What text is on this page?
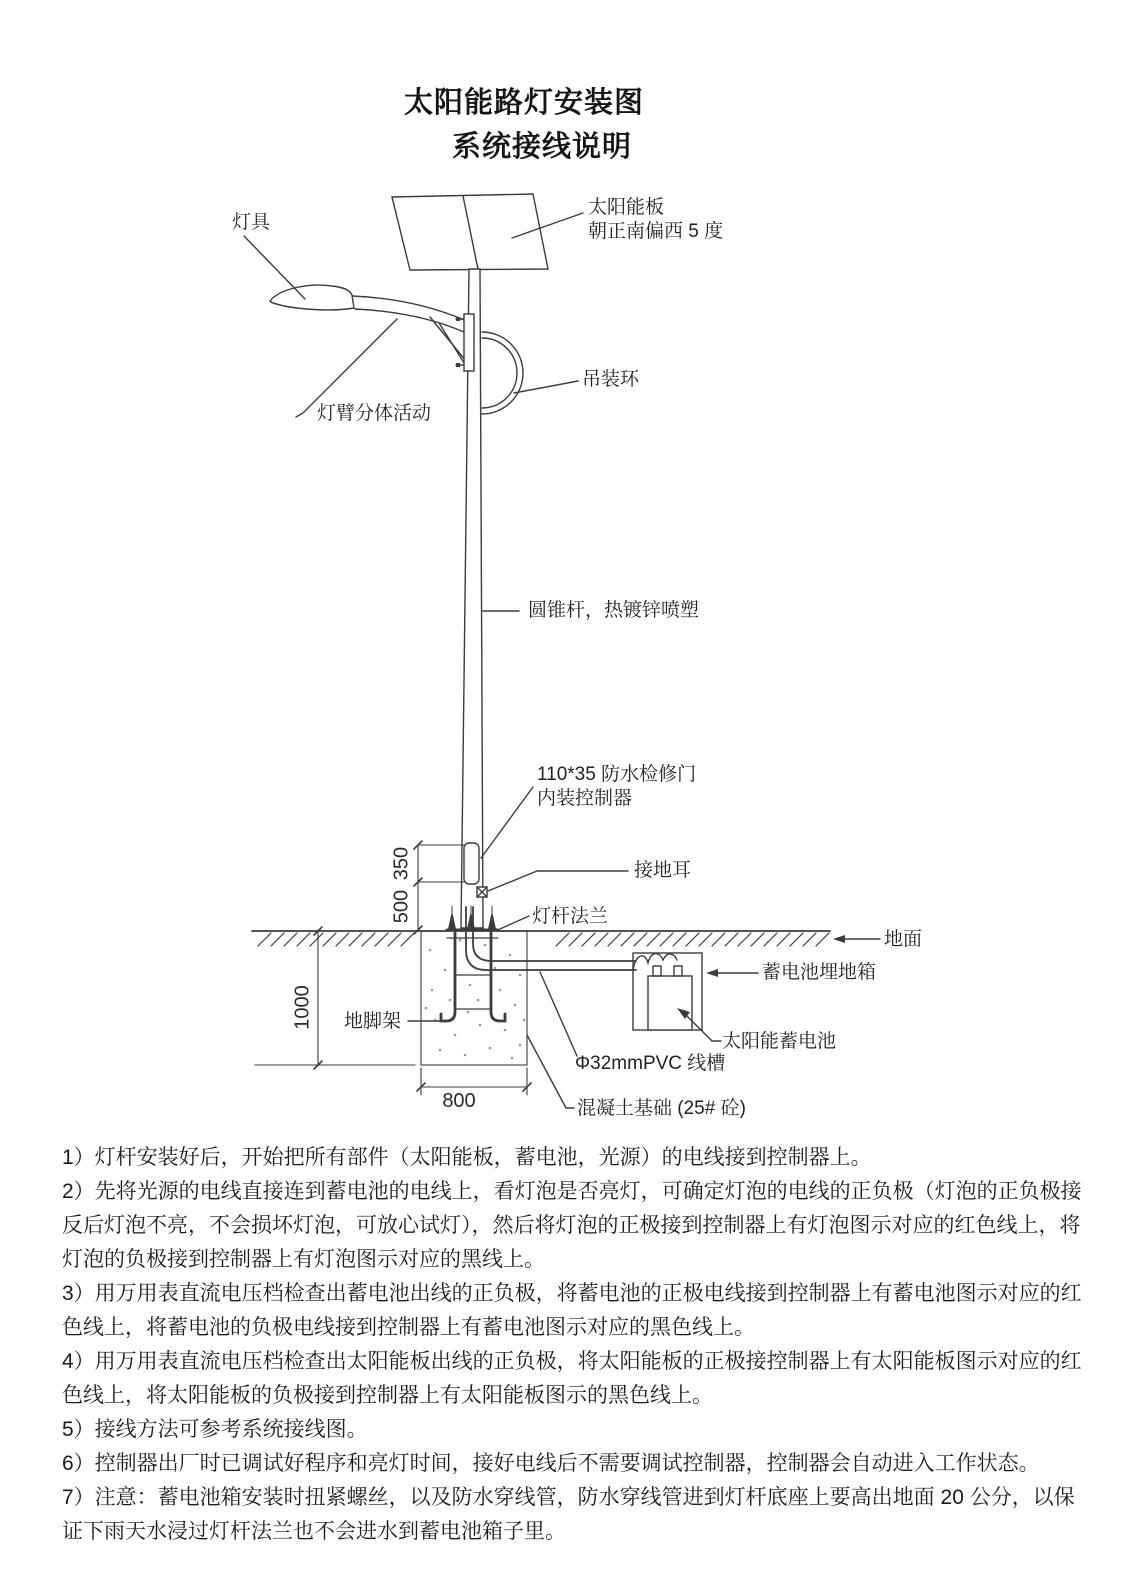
太阳能路灯安装图
系统接线说明
灯具
太阳能板
朝正南偏西 5 度
吊装环
灯臂分体活动
圆锥杆，热镀锌喷塑
110*35 防水检修门
内装控制器
接地耳
灯杆法兰
地面
蓄电池埋地箱
太阳能蓄电池
地脚架
Φ32mmPVC 线槽
混凝土基础 (25# 砼)
350
500
1000
800

1）灯杆安装好后，开始把所有部件（太阳能板，蓄电池，光源）的电线接到控制器上。

2）先将光源的电线直接连到蓄电池的电线上，看灯泡是否亮灯，可确定灯泡的电线的正负极（灯泡的正负极接反后灯泡不亮，不会损坏灯泡，可放心试灯），然后将灯泡的正极接到控制器上有灯泡图示对应的红色线上，将灯泡的负极接到控制器上有灯泡图示对应的黑线上。

3）用万用表直流电压档检查出蓄电池出线的正负极，将蓄电池的正极电线接到控制器上有蓄电池图示对应的红色线上，将蓄电池的负极电线接到控制器上有蓄电池图示对应的黑色线上。

4）用万用表直流电压档检查出太阳能板出线的正负极，将太阳能板的正极接控制器上有太阳能板图示对应的红色线上，将太阳能板的负极接到控制器上有太阳能板图示的黑色线上。

5）接线方法可参考系统接线图。

6）控制器出厂时已调试好程序和亮灯时间，接好电线后不需要调试控制器，控制器会自动进入工作状态。

7）注意：蓄电池箱安装时扭紧螺丝，以及防水穿线管，防水穿线管进到灯杆底座上要高出地面 20 公分，以保证下雨天水浸过灯杆法兰也不会进水到蓄电池箱子里。
